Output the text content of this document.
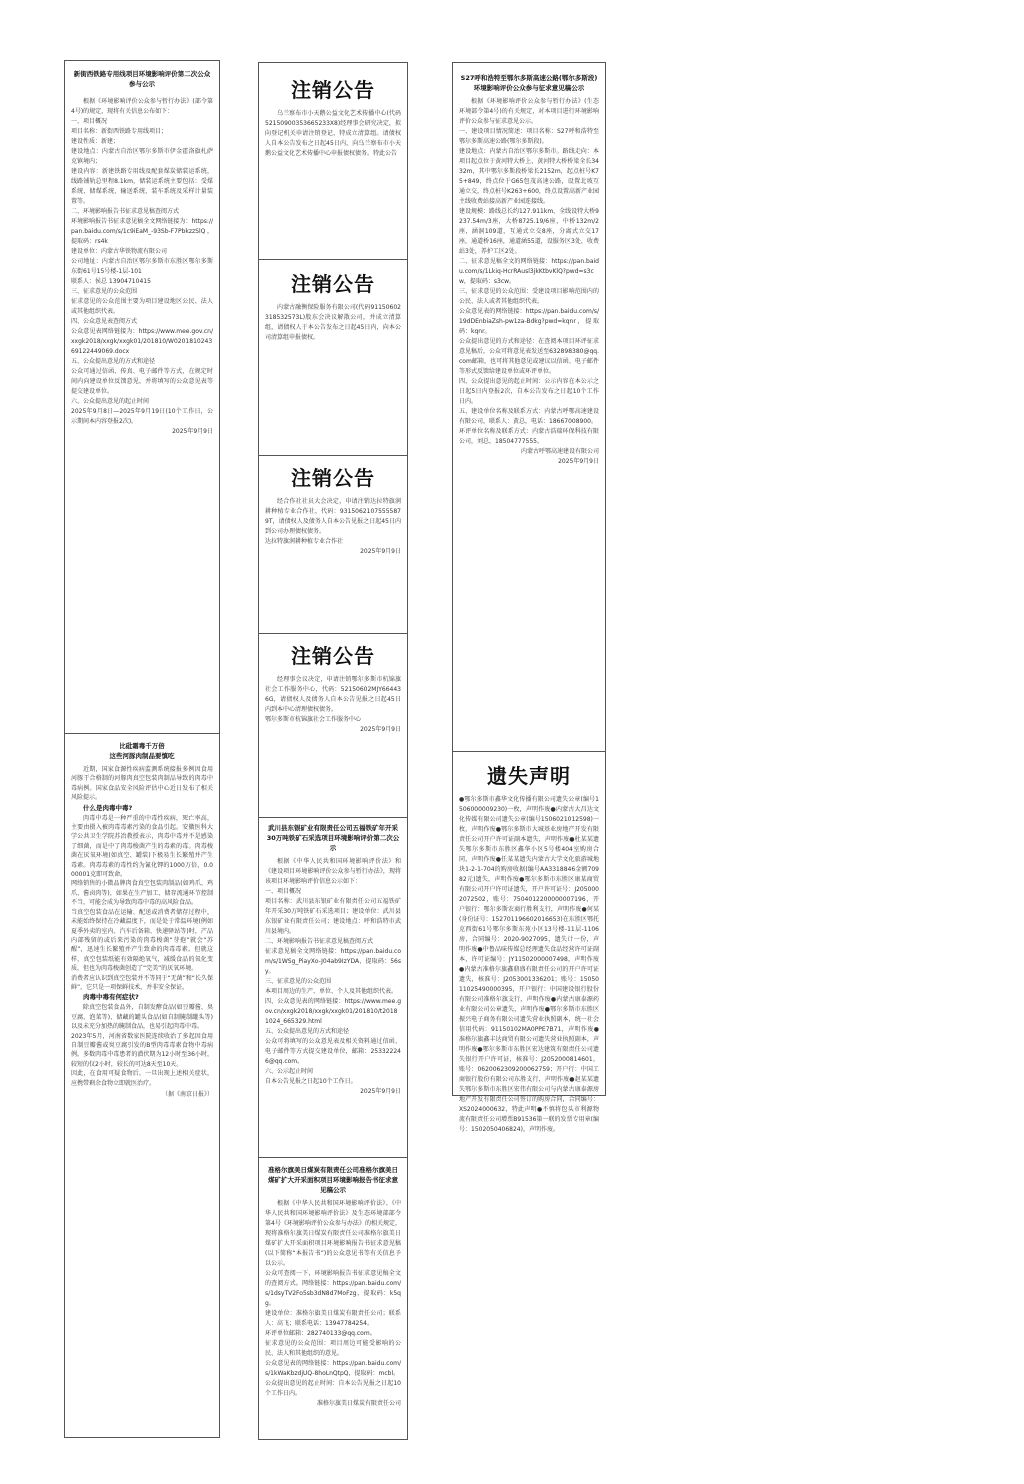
新街西铁路专用线项目环境影响评价第二次公众参与公示
根据《环境影响评价公众参与暂行办法》(部令第4号)的规定，现将有关信息公布如下：
一、项目概况
项目名称：新街西铁路专用线项目；
建设性质：新建；
建设地点：内蒙古自治区鄂尔多斯市伊金霍洛旗札萨克镇境内；
建设内容：新建铁路专用线及配套煤炭储装运系统，线路铺轨总里程8.1km，储装运系统主要包括：受煤系统、储煤系统、输送系统、装车系统及采样计量装置等。
二、环境影响报告书征求意见稿查阅方式
环境影响报告书征求意见稿全文网络链接为：https://pan.baidu.com/s/1c9iEaM_-93Sb-F7PbkzzSlQ，提取码：rs4k
建设单位：内蒙古华铁物流有限公司
公司地址：内蒙古自治区鄂尔多斯市东胜区鄂尔多斯东街61号15号楼-1层-101
联系人：侯总 13904710415
三、征求意见的公众范围
征求意见的公众范围主要为项目建设地区公民、法人或其他组织代表。
四、公众意见表查阅方式
公众意见表网络链接为：https://www.mee.gov.cn/xxgk2018/xxgk/xxgk01/201810/W020181024369122449069.docx
五、公众提出意见的方式和途径
公众可通过信函、传真、电子邮件等方式，在规定时间内向建设单位反馈意见，并将填写的公众意见表等提交建设单位。
六、公众提出意见的起止时间
2025年9月8日—2025年9月19日(10个工作日，公示期间本内容登报2次)。
2025年9月9日
比砒霜毒千万倍
这些河豚肉制品要慎吃
近期，国家食源性疾病监测系统接报多例因食用河豚干合格制的河豚肉真空包装肉制品导致的肉毒中毒病例。国家食品安全风险评估中心近日发布了相关风险提示。
什么是肉毒中毒?
肉毒中毒是一种严重的中毒性疾病，死亡率高，主要由摄入被肉毒毒素污染的食品引起。安徽医科大学公共卫生学院苏冶教授表示，肉毒中毒并不是感染了细菌，而是中了肉毒梭菌产生的毒素的毒。肉毒梭菌在厌氧环境(如真空、罐装)下极易生长繁殖并产生毒素。肉毒毒素的毒性约为氰化钾的1000万倍，0.000001克即可致命。
网络销售的小微品牌肉食真空包装肉制品(如鸡爪、鸡爪、酱卤肉等)，如果在生产加工、储存流通环节控制不当，可能会成为导致肉毒中毒的高风险食品。
当真空包装食品在运输、配送或消费者储存过程中，未能始终保持在冷藏温度下，而是处于常温环境(例如夏季外卖的室内、汽车后备箱、快递驿站等)时，产品内部残留的或后来污染的肉毒梭菌“芽孢”就会“苏醒”，迅速生长繁殖并产生致命的肉毒毒素。但就这样，真空包装纸能有效隔绝氧气，减缓食品的氧化变质，但也为肉毒梭菌创造了“完美”的厌氧环境。
消费者应认识到真空包装并不等同于“无菌”和“长久保鲜”，它只是一项保鲜技术，并非安全保证。
肉毒中毒有何症状?
除真空包装食品外，自制发酵食品(如豆瓣酱、臭豆腐、泡菜等)、储藏的罐头食品(如自制腌制罐头等)以及未充分加热的腌制食品，也易引起肉毒中毒。
2023年5月，河南省数家医院连续收治了多起因食用自制豆瓣酱或臭豆腐引发的B型肉毒毒素食物中毒病例。多数肉毒中毒患者的潜伏期为12小时至36小时，较短的仅2小时，较长的可达8天至10天。
因此，在食用可疑食物后，一旦出现上述相关症状，应携带剩余食物立即就医治疗。
（据《南京日报》）
注销公告
乌兰察布市小天鹅公益文化艺术传播中心(代码52150900353665233X8)经理事会研究决定，拟向登记机关申请注销登记，特成立清算组。请债权人自本公告发布之日起45日内，向乌兰察布市小天鹅公益文化艺术传播中心申报债权债务。特此公告
注销公告
内蒙古融衡保险服务有限公司(代码91150602318532573L)股东会决议解散公司，并成立清算组，请债权人于本公告发布之日起45日内，向本公司清算组申报债权。
注销公告
经合作社社员大会决定，申请注销达拉特旗润耕种植专业合作社，代码：93150621075555879T，请债权人及债务人自本公告见报之日起45日内到公司办理债权债务。
达拉特旗润耕种植专业合作社
2025年9月9日
注销公告
经理事会议决定，申请注销鄂尔多斯市杭锦旗社会工作服务中心，代码：52150602MJY664436G，请债权人及债务人自本公告见报之日起45日内到本中心清理债权债务。
鄂尔多斯市杭锦旗社会工作服务中心
2025年9月9日
武川县东银矿业有限责任公司五福铁矿年开采30万吨铁矿石采选项目环境影响评价第二次公示
根据《中华人民共和国环境影响评价法》和《建设项目环境影响评价公众参与暂行办法》，现将该项目环境影响评价信息公示如下：
一、项目概况
项目名称：武川县东银矿业有限责任公司五福铁矿年开采30万吨铁矿石采选项目；建设单位：武川县东银矿业有限责任公司；建设地点：呼和浩特市武川县境内。
二、环境影响报告书征求意见稿查阅方式
征求意见稿全文网络链接：https://pan.baidu.com/s/1WSg_PiayXo-J04ab9IzYDA，提取码：56sy。
三、征求意见的公众范围
本项目周边的生产、单位、个人及其他组织代表。
四、公众意见表的网络链接：https://www.mee.gov.cn/xxgk2018/xxgk/xxgk01/201810/t20181024_665329.html
五、公众提出意见的方式和途径
公众可将填写的公众意见表及相关资料通过信函、电子邮件等方式提交建设单位，邮箱：253322246@qq.com。
六、公示起止时间
自本公告见报之日起10个工作日。
2025年9月9日
准格尔旗美日煤炭有限责任公司准格尔旗美日煤矿扩大开采面积项目环境影响报告书征求意见稿公示
根据《中华人民共和国环境影响评价法》、《中华人民共和国环境影响评价法》及生态环境部部令第4号《环境影响评价公众参与办法》的相关规定，现将准格尔旗美日煤炭有限责任公司准格尔旗美日煤矿扩大开采面积项目环境影响报告书征求意见稿(以下简称“本报告书”)的公众意见书等有关信息予以公示。
公众可查阅一下，环境影响报告书征求意见稿全文的查阅方式。网络链接：https://pan.baidu.com/s/1dsyTV2Fo5sb3dN8d7MoFzg，提取码：k5qg。
建设单位：准格尔旗美日煤炭有限责任公司；联系人：高飞；联系电话：13947784254。
环评单位邮箱：282740133@qq.com。
征求意见的公众范围：项目周边可能受影响的公民、法人和其他组织的意见。
公众意见表的网络链接：https://pan.baidu.com/s/1kWaKbzdjUQ-8hoLnQtpQ，提取码：mcbl。
公众提出意见的起止时间：自本公告见报之日起10个工作日内。
准格尔旗美日煤炭有限责任公司
S27呼和浩特至鄂尔多斯高速公路(鄂尔多斯段)环境影响评价公众参与征求意见稿公示
根据《环境影响评价公众参与暂行办法》(生态环境部令第4号)的有关规定，对本项目进行环境影响评价公众参与征求意见公示。
一、建设项目情况简述：项目名称：S27呼和浩特至鄂尔多斯高速公路(鄂尔多斯段)。
建设地点：内蒙古自治区鄂尔多斯市。路线走向：本项目起点位于黄河特大桥上，黄河特大桥桥梁全长3432m，其中鄂尔多斯段桥梁长2152m，起点桩号K75+849，终点位于G65包茂高速公路，设置北坡互通立交，终点桩号K263+600，终点设置高新产业园主线收费站接高新产业园连接线。
建设规模：路线总长约127.911km，全线设特大桥9237.54m/3座，大桥8725.19/6座，中桥132m/2座，涵洞109道，互通式立交8座，分离式立交17座，通道桥16座，通道涵55道，设服务区3处，收费站3处，养护工区2处。
二、征求意见稿全文的网络链接：https://pan.baidu.com/s/1Lkiq-HcrRAusl3jkKtbvKlQ?pwd=s3cw，提取码：s3cw。
三、征求意见的公众范围：受建设项目影响范围内的公民、法人或者其他组织代表。
公众意见表的网络链接：https://pan.baidu.com/s/19dDEnbiaZsh-pw1za-Bdkg?pwd=kqnr，提取码：kqnr。
公众提出意见的方式和途径：在查阅本项目环评征求意见稿后，公众可将意见表发送至632898380@qq.com邮箱，也可将其他意见或建议以信函、电子邮件等形式反馈给建设单位或环评单位。
四、公众提出意见的起止时间：公示内容在本公示之日起5日内登报2次，自本公告发布之日起10个工作日内。
五、建设单位名称及联系方式：内蒙古呼鄂高速建设有限公司，联系人：黄总，电话：18667008900。
环评单位名称及联系方式：内蒙古浩瑞环保科技有限公司，刘总，18504777555。
内蒙古呼鄂高速建设有限公司
2025年9月9日
遗失声明
●鄂尔多斯市鑫华文化传播有限公司遗失公章(编号1506000009230)一枚，声明作废●内蒙古大昌达文化传媒有限公司遗失公章(编号1506021012598)一枚，声明作废●鄂尔多斯市大城基业房地产开发有限责任公司开户许可证副本遗失，声明作废●杜某某遗失鄂尔多斯市东胜区鑫华小区5号楼404室购房合同，声明作废●任某某遗失内蒙古大学文化旅游城地块1-2-1-704的购房收据(编号AA3318846金额70982元)遗失，声明作废●鄂尔多斯市东胜区康某商贸有限公司开户许可证遗失，开户许可证号：J2050002072502，账号：7504012200000007196，开户银行：鄂尔多斯农商行胜利支行，声明作废●何某(身份证号：152701196602016653)在东胜区鄂托克西街61号鄂尔多斯东苑小区13号楼-11层-1106房，合同编号：2020-9027095，遗失计一份，声明作废●中鲁品味传媒总经理遗失食品经营许可证副本，许可证编号：JY11502000007498，声明作废●内蒙古准格尔旗鑫鼎盛有限责任公司的开户许可证遗失，核准号：J2053001336201；账号：1505011025490000395，开户银行：中国建设银行股份有限公司准格尔旗支行，声明作废●内蒙古康泰源药业有限公司公章遗失，声明作废●鄂尔多斯市东胜区振兴电子商务有限公司遗失营业执照副本，统一社会信用代码：91150102MA0PPE7B71，声明作废●准格尔旗鑫丰达商贸有限公司遗失营业执照副本，声明作废●鄂尔多斯市东胜区宏达建筑有限责任公司遗失银行开户许可证，核准号：J2052000814601，账号：0620062309200062759；开户行：中国工商银行股份有限公司东胜支行，声明作废●赵某某遗失鄂尔多斯市东胜区宏伟有限公司与内蒙古康泰源房地产开发有限责任公司签订的购房合同，合同编号：XS2024000632，特此声明●不慎将包头市利源物流有限责任公司增票B91536第一联的发票专用章(编号：1502050406824)，声明作废。
